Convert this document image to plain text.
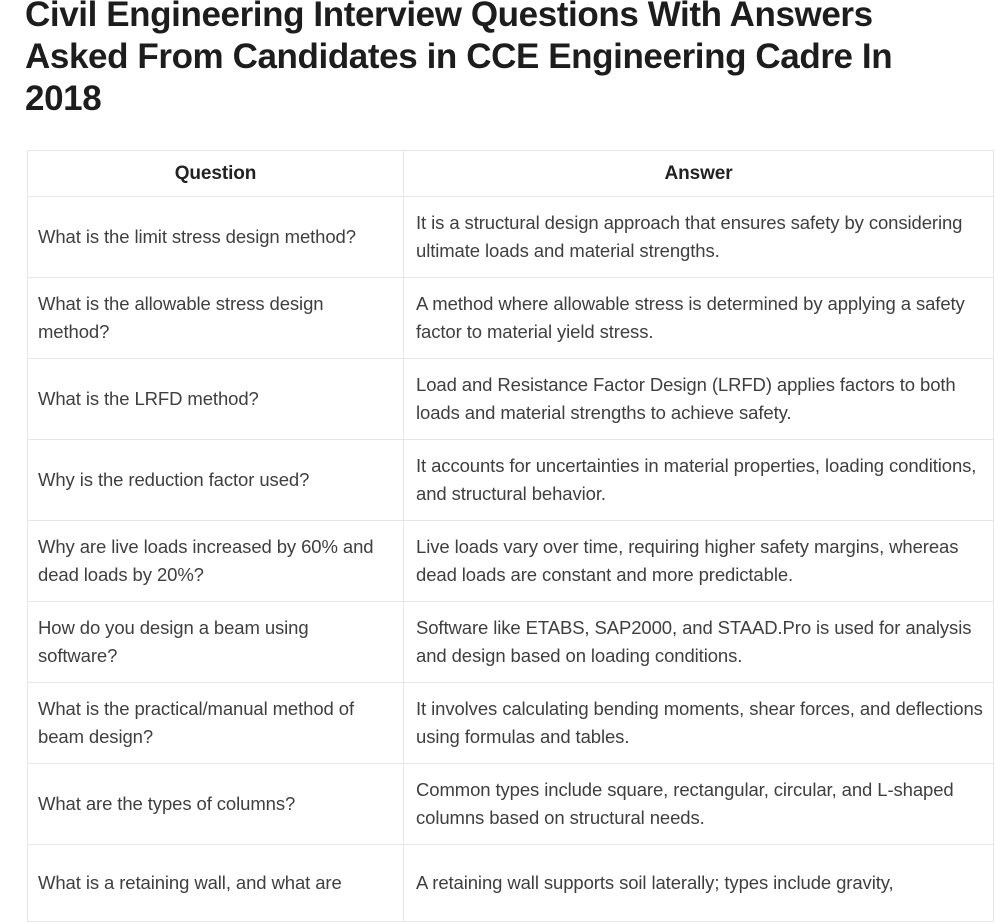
Civil Engineering Interview Questions With Answers Asked From Candidates in CCE Engineering Cadre In 2018
Question	Answer
What is the limit stress design method?	It is a structural design approach that ensures safety by considering ultimate loads and material strengths.
What is the allowable stress design method?	A method where allowable stress is determined by applying a safety factor to material yield stress.
What is the LRFD method?	Load and Resistance Factor Design (LRFD) applies factors to both loads and material strengths to achieve safety.
Why is the reduction factor used?	It accounts for uncertainties in material properties, loading conditions, and structural behavior.
Why are live loads increased by 60% and dead loads by 20%?	Live loads vary over time, requiring higher safety margins, whereas dead loads are constant and more predictable.
How do you design a beam using software?	Software like ETABS, SAP2000, and STAAD.Pro is used for analysis and design based on loading conditions.
What is the practical/manual method of beam design?	It involves calculating bending moments, shear forces, and deflections using formulas and tables.
What are the types of columns?	Common types include square, rectangular, circular, and L-shaped columns based on structural needs.
What is a retaining wall, and what are	A retaining wall supports soil laterally; types include gravity,
